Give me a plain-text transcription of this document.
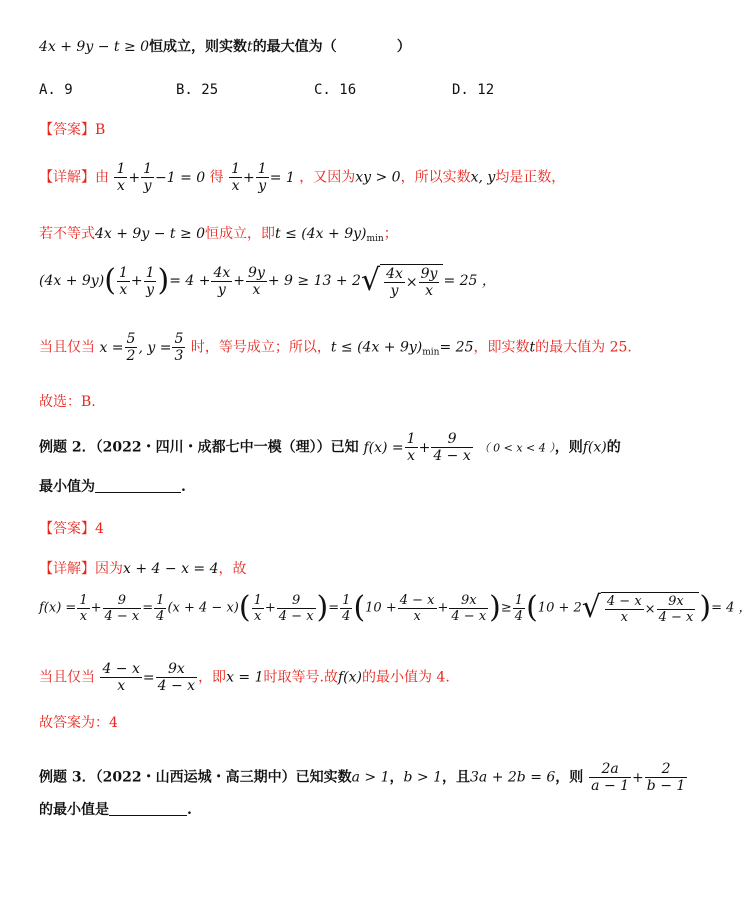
4x + 9y − t ≥ 0恒成立，则实数t的最大值为（	）
A. 9	B. 25	C. 16	D. 12
【答案】B
【详解】由 $\frac{1}{x} + \frac{1}{y} -1 = 0$ 得 $\frac{1}{x} + \frac{1}{y} = 1$ ，又因为xy > 0，所以实数x, y均是正数，
若不等式4x + 9y − t ≥ 0恒成立，即$t \le (4x + 9y)_{min}$；
$(4x + 9y)( \frac{1}{x} + \frac{1}{y}$ )= $4 + \frac{4x}{y} + \frac{9y}{x} + 9 \ge 13 + 2√ \frac{4x}{y} \times \frac{9y}{x} = 25$ ，
当且仅当 $x = \frac{5}{2}$ , $y = \frac{5}{3}$ 时，等号成立；所以，$t \le (4x + 9y)_{min}= 25$，即实数t的最大值为 25.
故选：B.
例题 2．（2022・四川・成都七中一模（理））已知 $f(x) = \frac{1}{x} + \frac{9}{4 - x}$ （ 0 < x < 4 ），则f(x)的
最小值为	.
【答案】4
【详解】因为x + 4 − x = 4，故
$f(x) = \frac{1}{x} + \frac{9}{4 - x} = \frac{1}{4} (x + 4 - x)( \frac{1}{x} + \frac{9}{4 - x}$ )= $\frac{1}{4} (10 + \frac{4 - x}{x} + \frac{9x}{4 - x}$ )≥ $\frac{1}{4} (10 + 2√ \frac{4 - x}{x} \times \frac{9x}{4 - x}$ )= 4 ，
当且仅当 $\frac{4 - x}{x} = \frac{9x}{4 - x}$ ，即x = 1时取等号.故f(x)的最小值为 4.
故答案为：4
例题 3．（2022・山西运城・高三期中）已知实数a > 1，b > 1，且3a + 2b = 6，则 $\frac{2a}{a - 1} + \frac{2}{b - 1}$
的最小值是	.
